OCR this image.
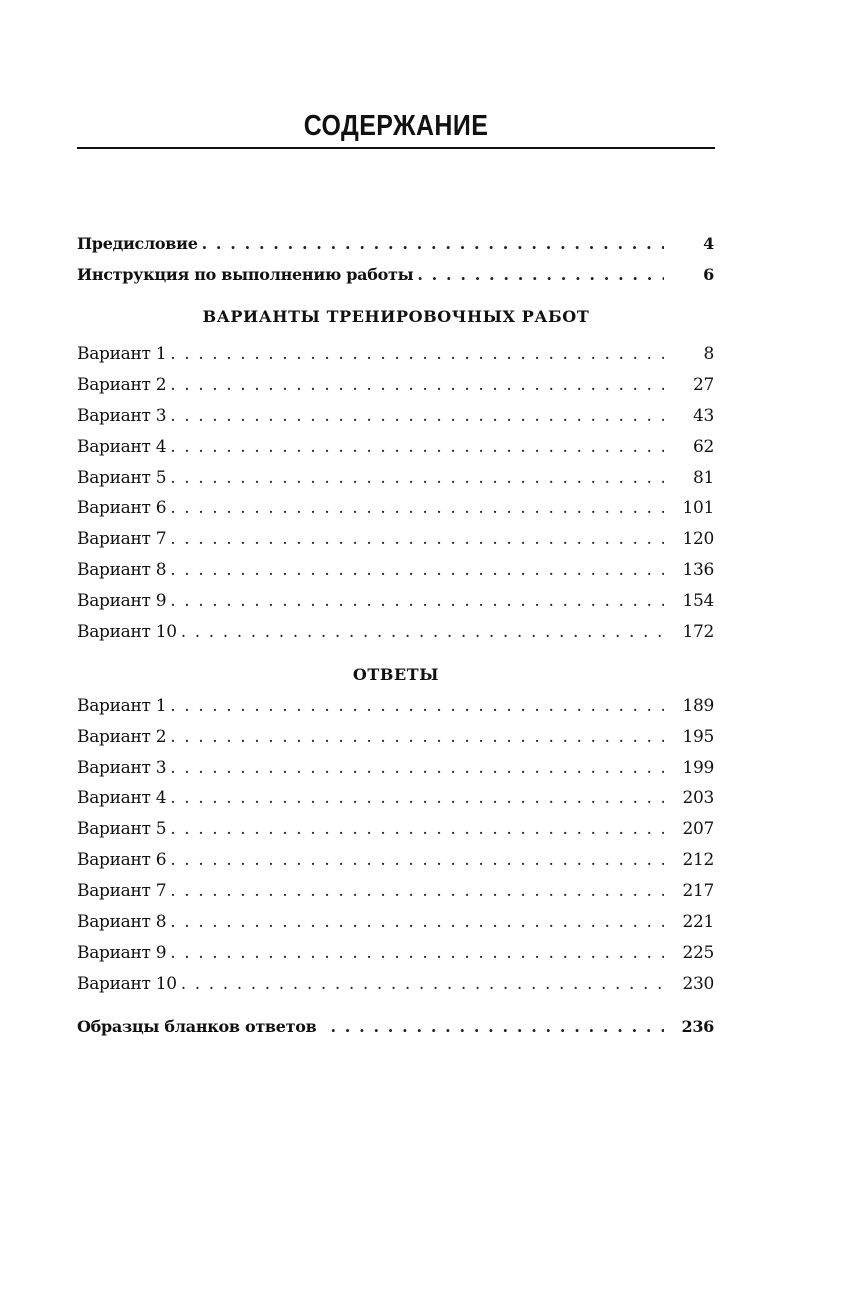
СОДЕРЖАНИЕ
Предисловие . . .	4
Инструкция по выполнению работы . . .	6
ВАРИАНТЫ ТРЕНИРОВОЧНЫХ РАБОТ
Вариант 1 . . .	8
Вариант 2 . . .	27
Вариант 3 . . .	43
Вариант 4 . . .	62
Вариант 5 . . .	81
Вариант 6 . . .	101
Вариант 7 . . .	120
Вариант 8 . . .	136
Вариант 9 . . .	154
Вариант 10 . . .	172
ОТВЕТЫ
Вариант 1 . . .	189
Вариант 2 . . .	195
Вариант 3 . . .	199
Вариант 4 . . .	203
Вариант 5 . . .	207
Вариант 6 . . .	212
Вариант 7 . . .	217
Вариант 8 . . .	221
Вариант 9 . . .	225
Вариант 10 . . .	230
Образцы бланков ответов . . .	236
